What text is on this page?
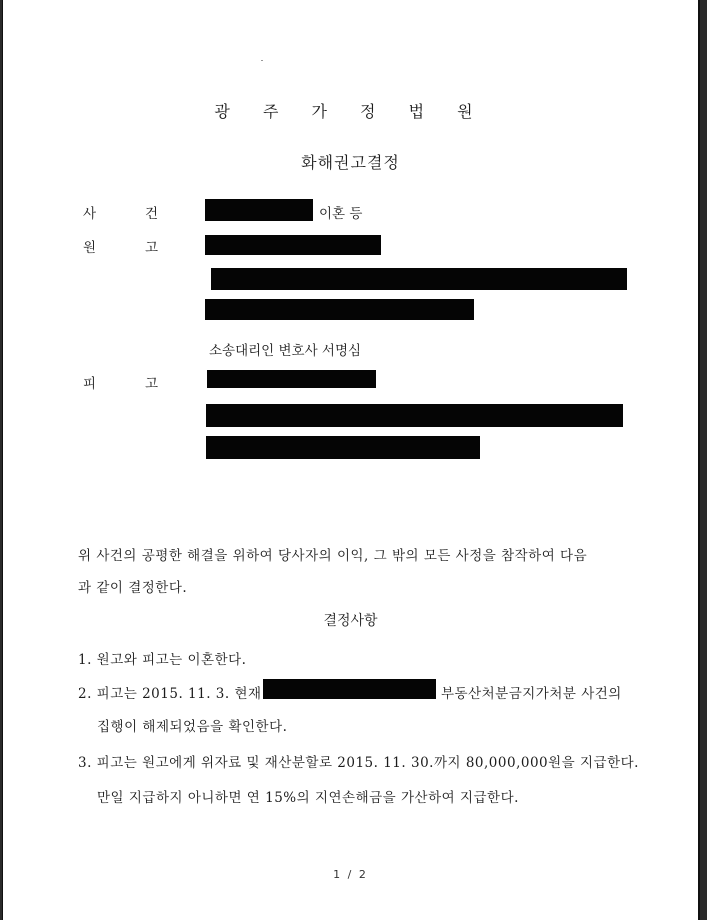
광 주 가 정 법 원
화해권고결정
사	건	이혼 등
원	고
소송대리인 변호사 서명심
피	고
위 사건의 공평한 해결을 위하여 당사자의 이익, 그 밖의 모든 사정을 참작하여 다음
과 같이 결정한다.
결정사항
1. 원고와 피고는 이혼한다.
2. 피고는 2015. 11. 3. 현재	부동산처분금지가처분 사건의
집행이 해제되었음을 확인한다.
3. 피고는 원고에게 위자료 및 재산분할로 2015. 11. 30.까지 80,000,000원을 지급한다.
만일 지급하지 아니하면 연 15%의 지연손해금을 가산하여 지급한다.
1 / 2
